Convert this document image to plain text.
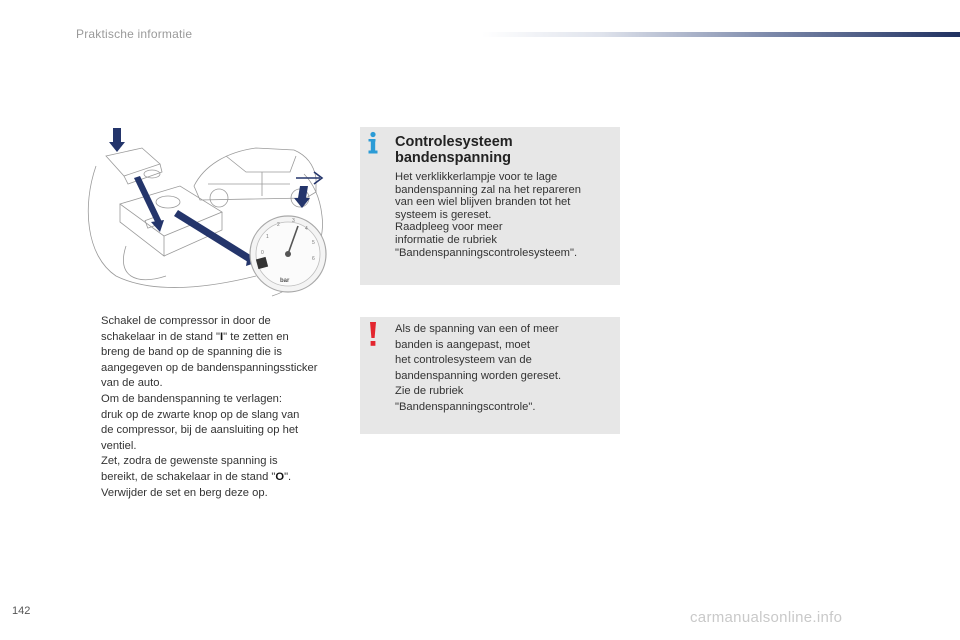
Praktische informatie
0
1
2
3
4
5
6
bar
Schakel de compressor in door de
schakelaar in de stand "I" te zetten en
breng de band op de spanning die is
aangegeven op de bandenspanningssticker
van de auto.
Om de bandenspanning te verlagen:
druk op de zwarte knop op de slang van
de compressor, bij de aansluiting op het
ventiel.
Zet, zodra de gewenste spanning is
bereikt, de schakelaar in de stand "O".
Verwijder de set en berg deze op.
Controlesysteem
bandenspanning
Het verklikkerlampje voor te lage
bandenspanning zal na het repareren
van een wiel blijven branden tot het
systeem is gereset.
Raadpleeg voor meer
informatie de rubriek
"Bandenspanningscontrolesysteem".
Als de spanning van een of meer
banden is aangepast, moet
het controlesysteem van de
bandenspanning worden gereset.
Zie de rubriek
"Bandenspanningscontrole".
142	carmanualsonline.info
